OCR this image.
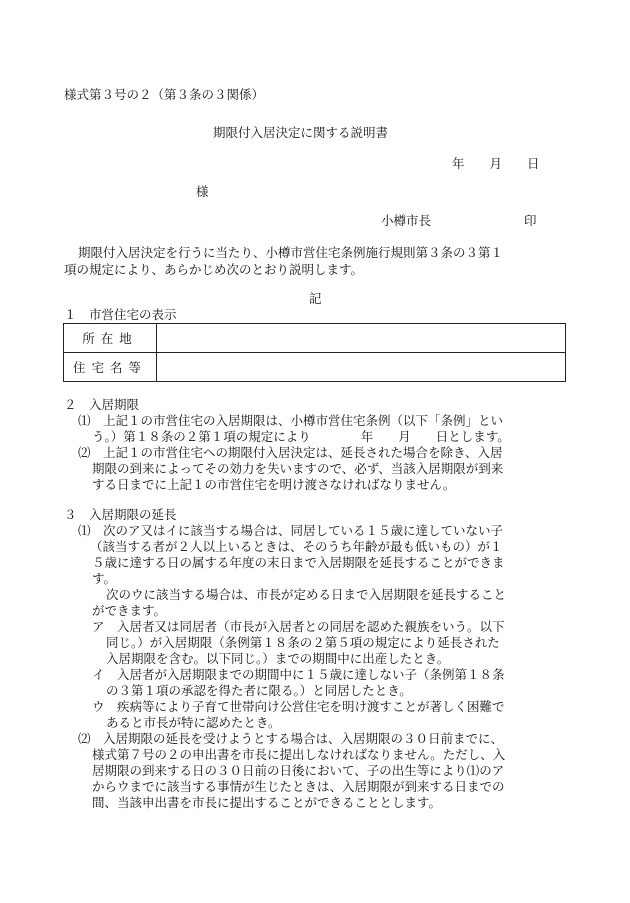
様式第３号の２（第３条の３関係）
期限付入居決定に関する説明書
年　　月　　日
様
小樽市長	印
期限付入居決定を行うに当たり、小樽市営住宅条例施行規則第３条の３第１
項の規定により、あらかじめ次のとおり説明します。
記
１　市営住宅の表示
所在地	
住宅名等	
２　入居期限
⑴　上記１の市営住宅の入居期限は、小樽市営住宅条例（以下「条例」とい
う。）第１８条の２第１項の規定により　　　　年　　月　　日とします。
⑵　上記１の市営住宅への期限付入居決定は、延長された場合を除き、入居
期限の到来によってその効力を失いますので、必ず、当該入居期限が到来
する日までに上記１の市営住宅を明け渡さなければなりません。
３　入居期限の延長
⑴　次のア又はイに該当する場合は、同居している１５歳に達していない子
（該当する者が２人以上いるときは、そのうち年齢が最も低いもの）が１
５歳に達する日の属する年度の末日まで入居期限を延長することができま
す。
次のウに該当する場合は、市長が定める日まで入居期限を延長すること
ができます。
ア　入居者又は同居者（市長が入居者との同居を認めた親族をいう。以下
同じ。）が入居期限（条例第１８条の２第５項の規定により延長された
入居期限を含む。以下同じ。）までの期間中に出産したとき。
イ　入居者が入居期限までの期間中に１５歳に達しない子（条例第１８条
の３第１項の承認を得た者に限る。）と同居したとき。
ウ　疾病等により子育て世帯向け公営住宅を明け渡すことが著しく困難で
あると市長が特に認めたとき。
⑵　入居期限の延長を受けようとする場合は、入居期限の３０日前までに、
様式第７号の２の申出書を市長に提出しなければなりません。ただし、入
居期限の到来する日の３０日前の日後において、子の出生等により⑴のア
からウまでに該当する事情が生じたときは、入居期限が到来する日までの
間、当該申出書を市長に提出することができることとします。
